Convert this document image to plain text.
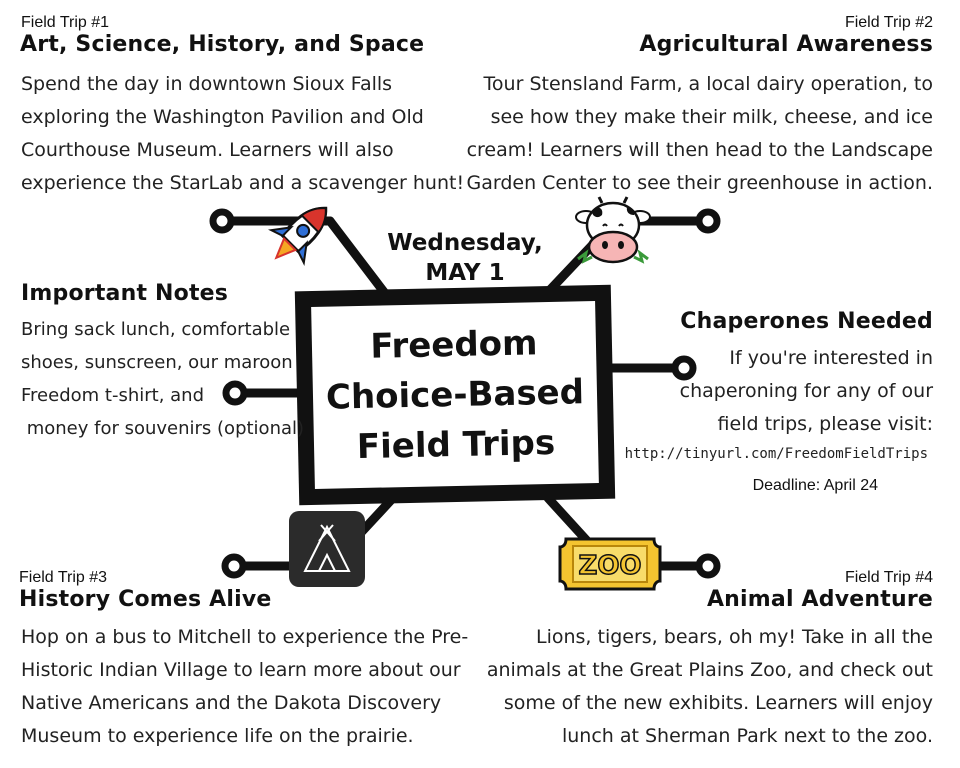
ZOO
Field Trip #1
Art, Science, History, and Space
Spend the day in downtown Sioux Falls
exploring the Washington Pavilion and Old
Courthouse Museum. Learners will also
experience the StarLab and a scavenger hunt!
Field Trip #2
Agricultural Awareness
Tour Stensland Farm, a local dairy operation, to
see how they make their milk, cheese, and ice
cream! Learners will then head to the Landscape
Garden Center to see their greenhouse in action.
Wednesday,
MAY 1
Freedom
Choice-Based
Field Trips
Important Notes
Bring sack lunch, comfortable
shoes, sunscreen, our maroon
Freedom t-shirt, and
money for souvenirs (optional)
Chaperones Needed
If you're interested in
chaperoning for any of our
field trips, please visit:
http://tinyurl.com/FreedomFieldTrips
Deadline: April 24
Field Trip #3
History Comes Alive
Hop on a bus to Mitchell to experience the Pre-
Historic Indian Village to learn more about our
Native Americans and the Dakota Discovery
Museum to experience life on the prairie.
Field Trip #4
Animal Adventure
Lions, tigers, bears, oh my! Take in all the
animals at the Great Plains Zoo, and check out
some of the new exhibits. Learners will enjoy
lunch at Sherman Park next to the zoo.
